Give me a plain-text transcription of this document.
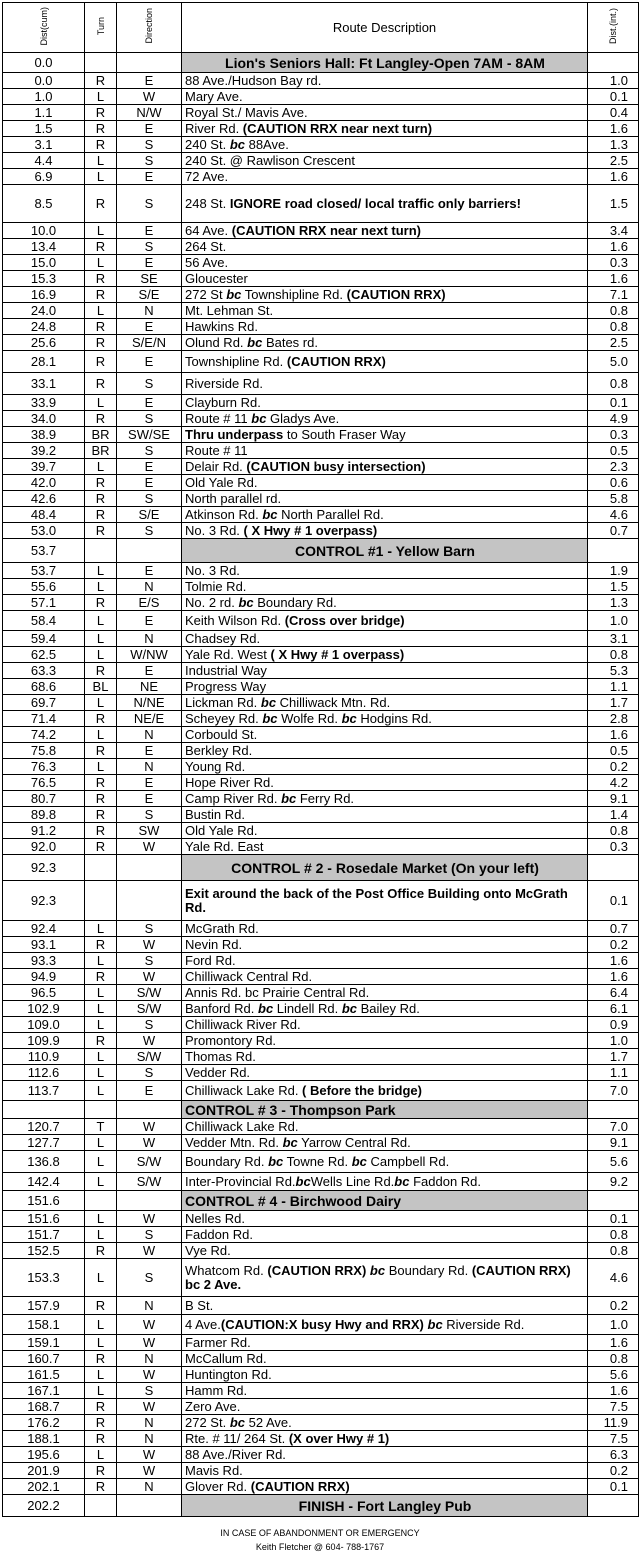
Dist(cum)	Turn	Direction	Route Description	Dist.(int.)
0.0			Lion's Seniors Hall: Ft Langley-Open 7AM - 8AM	
0.0	R	E	88 Ave./Hudson Bay rd.	1.0
1.0	L	W	Mary Ave.	0.1
1.1	R	N/W	Royal St./ Mavis Ave.	0.4
1.5	R	E	River Rd. (CAUTION RRX near next turn)	1.6
3.1	R	S	240 St. bc 88Ave.	1.3
4.4	L	S	240 St. @ Rawlison Crescent	2.5
6.9	L	E	72 Ave.	1.6
8.5	R	S	248 St. IGNORE road closed/ local traffic only barriers!	1.5
10.0	L	E	64 Ave. (CAUTION RRX near next turn)	3.4
13.4	R	S	264 St.	1.6
15.0	L	E	56 Ave.	0.3
15.3	R	SE	Gloucester	1.6
16.9	R	S/E	272 St bc Townshipline Rd. (CAUTION RRX)	7.1
24.0	L	N	Mt. Lehman St.	0.8
24.8	R	E	Hawkins Rd.	0.8
25.6	R	S/E/N	Olund Rd. bc Bates rd.	2.5
28.1	R	E	Townshipline Rd. (CAUTION RRX)	5.0
33.1	R	S	Riverside Rd.	0.8
33.9	L	E	Clayburn Rd.	0.1
34.0	R	S	Route # 11 bc Gladys Ave.	4.9
38.9	BR	SW/SE	Thru underpass to South Fraser Way	0.3
39.2	BR	S	Route # 11	0.5
39.7	L	E	Delair Rd. (CAUTION busy intersection)	2.3
42.0	R	E	Old Yale Rd.	0.6
42.6	R	S	North parallel rd.	5.8
48.4	R	S/E	Atkinson Rd. bc North Parallel Rd.	4.6
53.0	R	S	No. 3 Rd. ( X Hwy # 1 overpass)	0.7
53.7			CONTROL #1 - Yellow Barn	
53.7	L	E	No. 3 Rd.	1.9
55.6	L	N	Tolmie Rd.	1.5
57.1	R	E/S	No. 2 rd. bc Boundary Rd.	1.3
58.4	L	E	Keith Wilson Rd. (Cross over bridge)	1.0
59.4	L	N	Chadsey Rd.	3.1
62.5	L	W/NW	Yale Rd. West ( X Hwy # 1 overpass)	0.8
63.3	R	E	Industrial Way	5.3
68.6	BL	NE	Progress Way	1.1
69.7	L	N/NE	Lickman Rd. bc Chilliwack Mtn. Rd.	1.7
71.4	R	NE/E	Scheyey Rd. bc Wolfe Rd. bc Hodgins Rd.	2.8
74.2	L	N	Corbould St.	1.6
75.8	R	E	Berkley Rd.	0.5
76.3	L	N	Young Rd.	0.2
76.5	R	E	Hope River Rd.	4.2
80.7	R	E	Camp River Rd. bc Ferry Rd.	9.1
89.8	R	S	Bustin Rd.	1.4
91.2	R	SW	Old Yale Rd.	0.8
92.0	R	W	Yale Rd. East	0.3
92.3			CONTROL # 2 - Rosedale Market (On your left)	
92.3			Exit around the back of the Post Office Building onto McGrath Rd.	0.1
92.4	L	S	McGrath Rd.	0.7
93.1	R	W	Nevin Rd.	0.2
93.3	L	S	Ford Rd.	1.6
94.9	R	W	Chilliwack Central Rd.	1.6
96.5	L	S/W	Annis Rd. bc Prairie Central Rd.	6.4
102.9	L	S/W	Banford Rd. bc Lindell Rd. bc Bailey Rd.	6.1
109.0	L	S	Chilliwack River Rd.	0.9
109.9	R	W	Promontory Rd.	1.0
110.9	L	S/W	Thomas Rd.	1.7
112.6	L	S	Vedder Rd.	1.1
113.7	L	E	Chilliwack Lake Rd. ( Before the bridge)	7.0
			CONTROL # 3 - Thompson Park	
120.7	T	W	Chilliwack Lake Rd.	7.0
127.7	L	W	Vedder Mtn. Rd. bc Yarrow Central Rd.	9.1
136.8	L	S/W	Boundary Rd. bc Towne Rd. bc Campbell Rd.	5.6
142.4	L	S/W	Inter-Provincial Rd.bcWells Line Rd.bc Faddon Rd.	9.2
151.6			CONTROL # 4 - Birchwood Dairy	
151.6	L	W	Nelles Rd.	0.1
151.7	L	S	Faddon Rd.	0.8
152.5	R	W	Vye Rd.	0.8
153.3	L	S	Whatcom Rd. (CAUTION RRX) bc Boundary Rd. (CAUTION RRX) bc 2 Ave.	4.6
157.9	R	N	B St.	0.2
158.1	L	W	4 Ave.(CAUTION:X busy Hwy and RRX) bc Riverside Rd.	1.0
159.1	L	W	Farmer Rd.	1.6
160.7	R	N	McCallum Rd.	0.8
161.5	L	W	Huntington Rd.	5.6
167.1	L	S	Hamm Rd.	1.6
168.7	R	W	Zero Ave.	7.5
176.2	R	N	272 St. bc 52 Ave.	11.9
188.1	R	N	Rte. # 11/ 264 St. (X over Hwy # 1)	7.5
195.6	L	W	88 Ave./River Rd.	6.3
201.9	R	W	Mavis Rd.	0.2
202.1	R	N	Glover Rd. (CAUTION RRX)	0.1
202.2			FINISH - Fort Langley Pub	
IN CASE OF ABANDONMENT OR EMERGENCY
Keith Fletcher @ 604- 788-1767
